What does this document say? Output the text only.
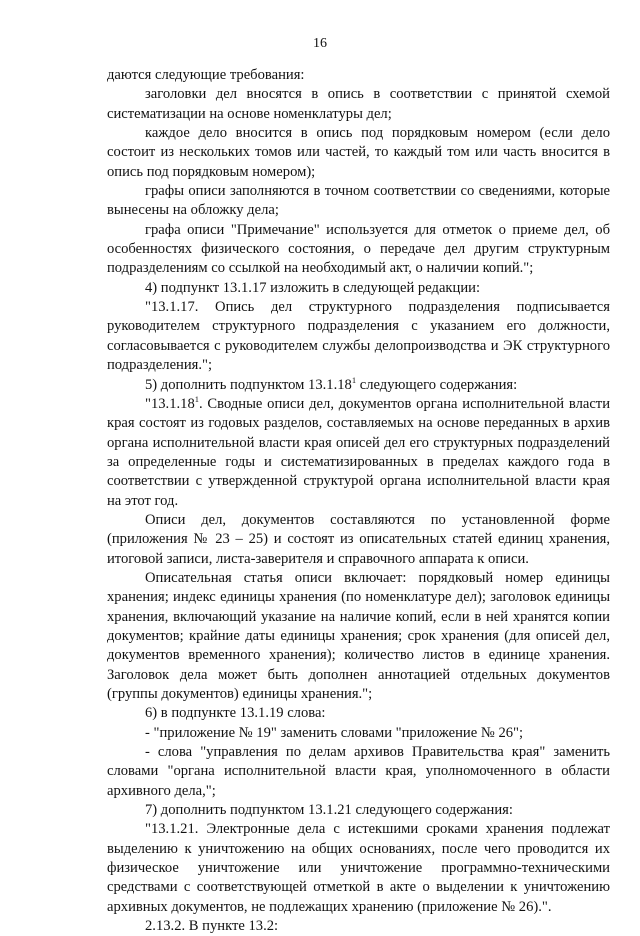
16

даются следующие требования:

заголовки дел вносятся в опись в соответствии с принятой схемой систематизации на основе номенклатуры дел;

каждое дело вносится в опись под порядковым номером (если дело состоит из нескольких томов или частей, то каждый том или часть вносится в опись под порядковым номером);

графы описи заполняются в точном соответствии со сведениями, которые вынесены на обложку дела;

графа описи "Примечание" используется для отметок о приеме дел, об особенностях физического состояния, о передаче дел другим структурным подразделениям со ссылкой на необходимый акт, о наличии копий.";

4) подпункт 13.1.17 изложить в следующей редакции:

"13.1.17. Опись дел структурного подразделения подписывается руководителем структурного подразделения с указанием его должности, согласовывается с руководителем службы делопроизводства и ЭК структурного подразделения.";

5) дополнить подпунктом 13.1.18$^1$ следующего содержания:

"13.1.18$^1$. Сводные описи дел, документов органа исполнительной власти края состоят из годовых разделов, составляемых на основе переданных в архив органа исполнительной власти края описей дел его структурных подразделений за определенные годы и систематизированных в пределах каждого года в соответствии с утвержденной структурой органа исполнительной власти края на этот год.

Описи дел, документов составляются по установленной форме (приложения № 23 – 25) и состоят из описательных статей единиц хранения, итоговой записи, листа-заверителя и справочного аппарата к описи.

Описательная статья описи включает: порядковый номер единицы хранения; индекс единицы хранения (по номенклатуре дел); заголовок единицы хранения, включающий указание на наличие копий, если в ней хранятся копии документов; крайние даты единицы хранения; срок хранения (для описей дел, документов временного хранения); количество листов в единице хранения. Заголовок дела может быть дополнен аннотацией отдельных документов (группы документов) единицы хранения.";

6) в подпункте 13.1.19 слова:

- "приложение № 19" заменить словами "приложение № 26";

- слова "управления по делам архивов Правительства края" заменить словами "органа исполнительной власти края, уполномоченного в области архивного дела,";

7) дополнить подпунктом 13.1.21 следующего содержания:

"13.1.21. Электронные дела с истекшими сроками хранения подлежат выделению к уничтожению на общих основаниях, после чего проводится их физическое уничтожение или уничтожение программно-техническими средствами с соответствующей отметкой в акте о выделении к уничтожению архивных документов, не подлежащих хранению (приложение № 26).".

2.13.2. В пункте 13.2:
